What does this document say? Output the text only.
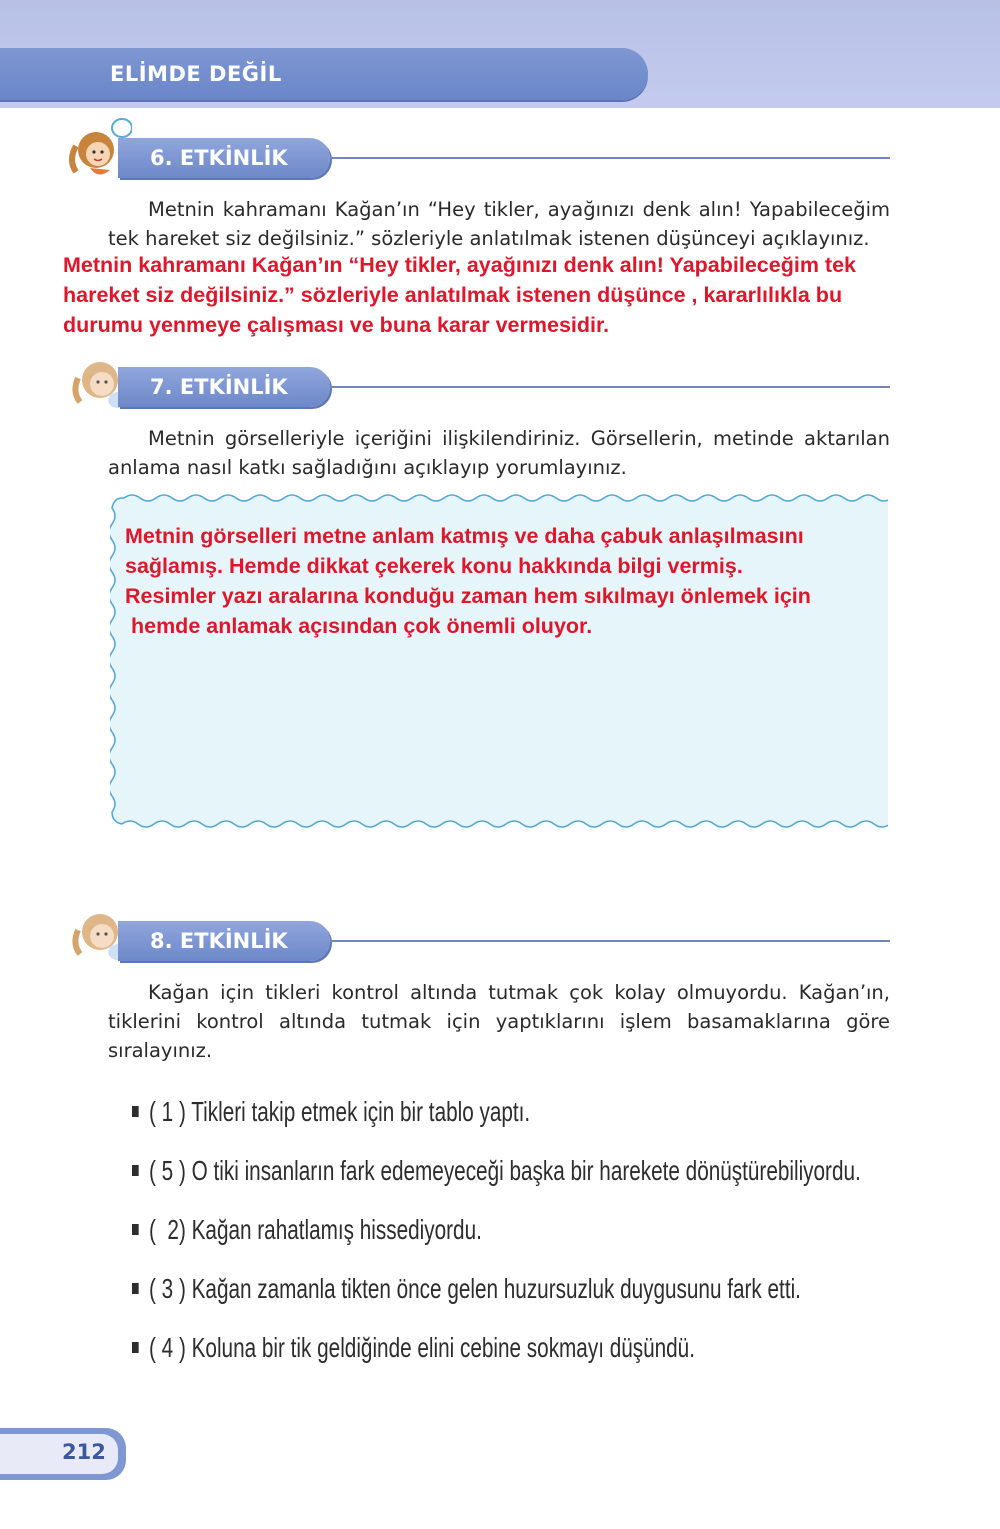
ELİMDE DEĞİL
6. ETKİNLİK

Metnin kahramanı Kağan’ın “Hey tikler, ayağınızı denk alın! Yapabileceğim tek hareket siz değilsiniz.” sözleriyle anlatılmak istenen düşünceyi açıklayınız.

Metnin kahramanı Kağan’ın “Hey tikler, ayağınızı denk alın! Yapabileceğim tek
hareket siz değilsiniz.” sözleriyle anlatılmak istenen düşünce , kararlılıkla bu
durumu yenmeye çalışması ve buna karar vermesidir.

7. ETKİNLİK

Metnin görselleriyle içeriğini ilişkilendiriniz. Görsellerin, metinde aktarılan anlama nasıl katkı sağladığını açıklayıp yorumlayınız.

Metnin görselleri metne anlam katmış ve daha çabuk anlaşılmasını
sağlamış. Hemde dikkat çekerek konu hakkında bilgi vermiş.
Resimler yazı aralarına konduğu zaman hem sıkılmayı önlemek için
hemde anlamak açısından çok önemli oluyor.

8. ETKİNLİK

Kağan için tikleri kontrol altında tutmak çok kolay olmuyordu. Kağan’ın, tiklerini kontrol altında tutmak için yaptıklarını işlem basamaklarına göre sıralayınız.

( 1 ) Tikleri takip etmek için bir tablo yaptı.
( 5 ) O tiki insanların fark edemeyeceği başka bir harekete dönüştürebiliyordu.
(  2) Kağan rahatlamış hissediyordu.
( 3 ) Kağan zamanla tikten önce gelen huzursuzluk duygusunu fark etti.
( 4 ) Koluna bir tik geldiğinde elini cebine sokmayı düşündü.
212
